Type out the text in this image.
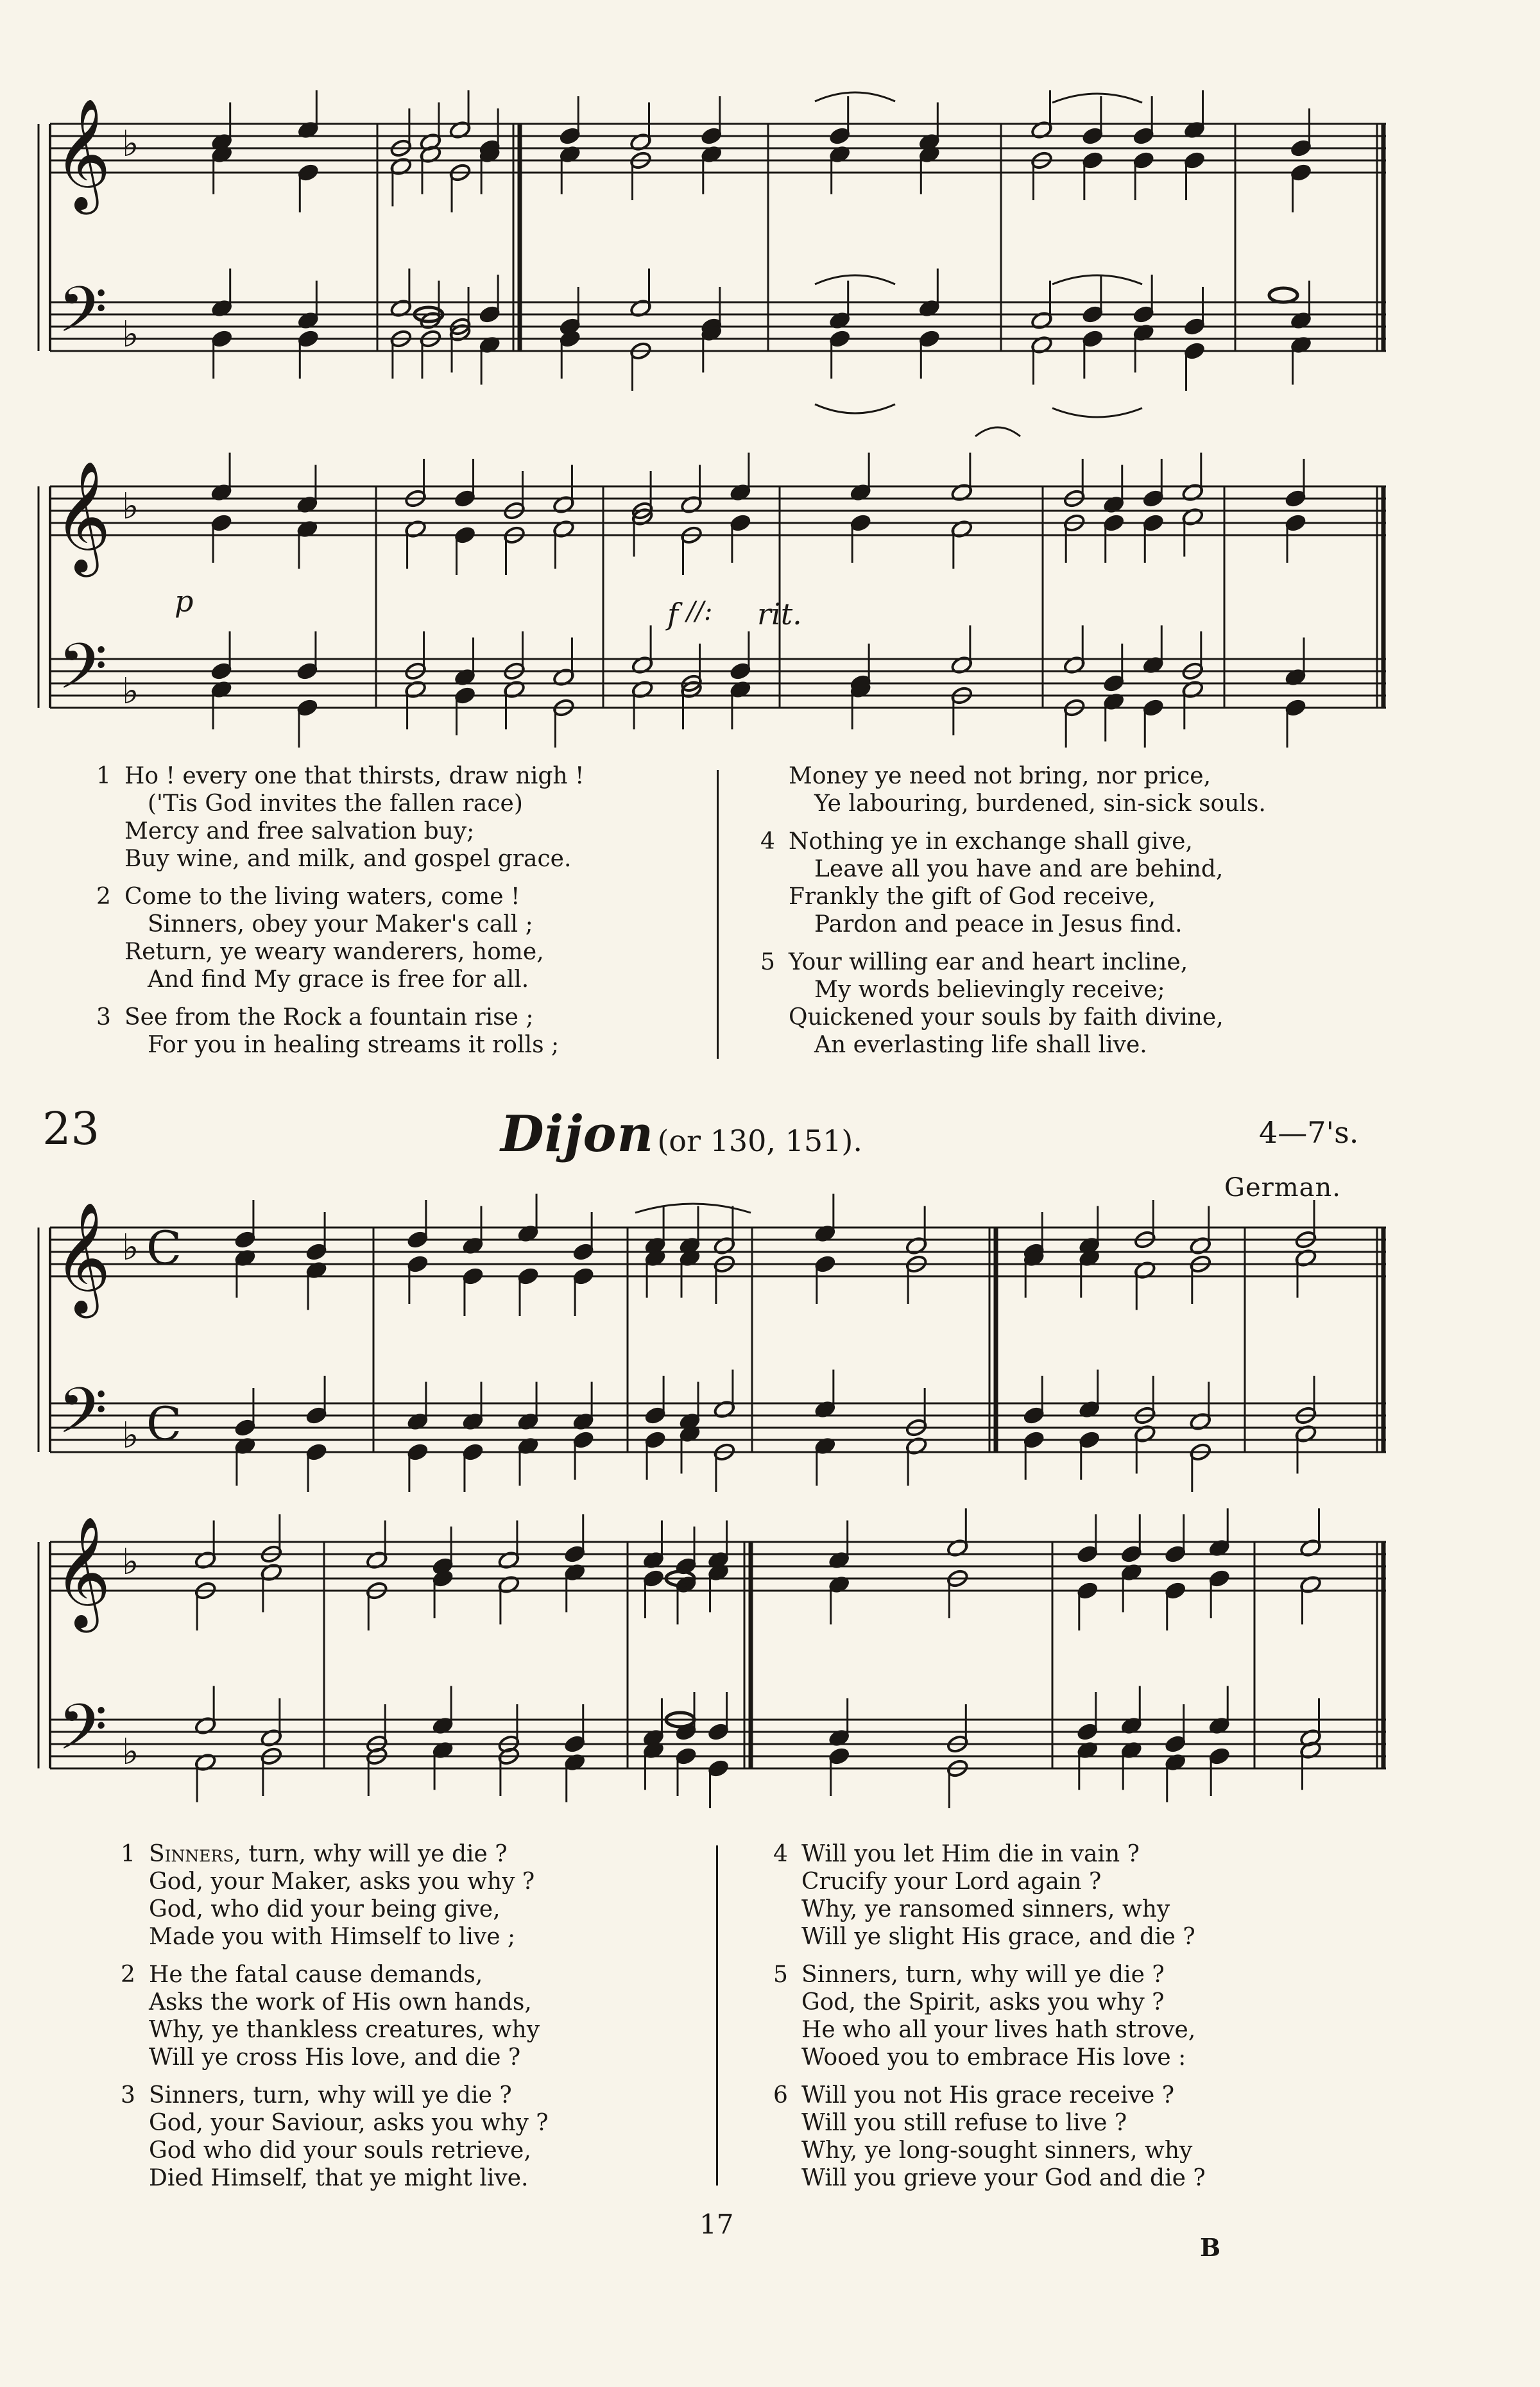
𝄞
𝄢
♭
♭
𝄞
𝄢
♭
♭
𝄞
𝄢
♭
♭
C
C
𝄞
𝄢
♭
♭
p	f //: rit.
1 Ho ! every one that thirsts, draw nigh !
('Tis God invites the fallen race)
Mercy and free salvation buy;
Buy wine, and milk, and gospel grace.
2 Come to the living waters, come !
Sinners, obey your Maker's call ;
Return, ye weary wanderers, home,
And find My grace is free for all.
3 See from the Rock a fountain rise ;
For you in healing streams it rolls ;
Money ye need not bring, nor price,
Ye labouring, burdened, sin-sick souls.
4 Nothing ye in exchange shall give,
Leave all you have and are behind,
Frankly the gift of God receive,
Pardon and peace in Jesus find.
5 Your willing ear and heart incline,
My words believingly receive;
Quickened your souls by faith divine,
An everlasting life shall live.
23	Dijon (or 130, 151).	4—7's.
German.
1 Sinners, turn, why will ye die ?
God, your Maker, asks you why ?
God, who did your being give,
Made you with Himself to live ;
2 He the fatal cause demands,
Asks the work of His own hands,
Why, ye thankless creatures, why
Will ye cross His love, and die ?
3 Sinners, turn, why will ye die ?
God, your Saviour, asks you why ?
God who did your souls retrieve,
Died Himself, that ye might live.
4 Will you let Him die in vain ?
Crucify your Lord again ?
Why, ye ransomed sinners, why
Will ye slight His grace, and die ?
5 Sinners, turn, why will ye die ?
God, the Spirit, asks you why ?
He who all your lives hath strove,
Wooed you to embrace His love :
6 Will you not His grace receive ?
Will you still refuse to live ?
Why, ye long-sought sinners, why
Will you grieve your God and die ?
17
B
